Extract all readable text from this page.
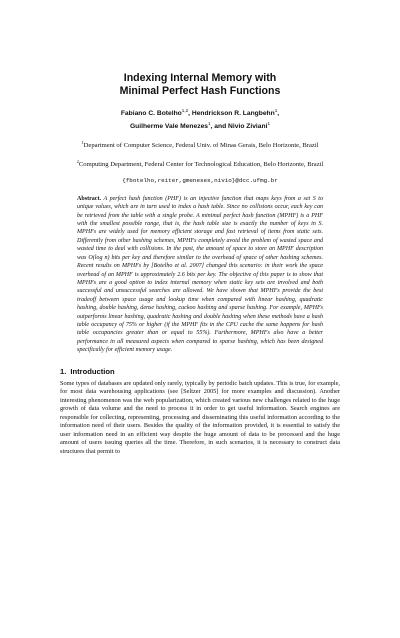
Indexing Internal Memory with
Minimal Perfect Hash Functions
Fabiano C. Botelho$^{1,2}$, Hendrickson R. Langbehn$^1$,
Guilherme Vale Menezes$^1$, and Nivio Ziviani$^1$
$^1$Department of Computer Science, Federal Univ. of Minas Gerais, Belo Horizonte, Brazil
$^2$Computing Department, Federal Center for Technological Education, Belo Horizonte, Brazil
{fbotelho,reiter,gmeneses,nivio}@dcc.ufmg.br
Abstract. A perfect hash function (PHF) is an injective function that maps keys from a set S to unique values, which are in turn used to index a hash table. Since no collisions occur, each key can be retrieved from the table with a single probe. A minimal perfect hash function (MPHF) is a PHF with the smallest possible range, that is, the hash table size is exactly the number of keys in S. MPHFs are widely used for memory efficient storage and fast retrieval of items from static sets. Differently from other hashing schemes, MPHFs completely avoid the problem of wasted space and wasted time to deal with collisions. In the past, the amount of space to store an MPHF description was O(log n) bits per key and therefore similar to the overhead of space of other hashing schemes. Recent results on MPHFs by [Botelho et al. 2007] changed this scenario: in their work the space overhead of an MPHF is approximately 2.6 bits per key. The objective of this paper is to show that MPHFs are a good option to index internal memory when static key sets are involved and both successful and unsuccessful searches are allowed. We have shown that MPHFs provide the best tradeoff between space usage and lookup time when compared with linear hashing, quadratic hashing, double hashing, dense hashing, cuckoo hashing and sparse hashing. For example, MPHFs outperforms linear hashing, quadratic hashing and double hashing when these methods have a hash table occupancy of 75% or higher (if the MPHF fits in the CPU cache the same happens for hash table occupancies greater than or equal to 55%). Furthermore, MPHFs also have a better performance in all measured aspects when compared to sparse hashing, which has been designed specifically for efficient memory usage.
1. Introduction
Some types of databases are updated only rarely, typically by periodic batch updates. This is true, for example, for most data warehousing applications (see [Seltzer 2005] for more examples and discussion). Another interesting phenomenon was the web popularization, which created various new challenges related to the huge growth of data volume and the need to process it in order to get useful information. Search engines are responsible for collecting, representing, processing and disseminating this useful information according to the information need of their users. Besides the quality of the information provided, it is essential to satisfy the user information need in an efficient way despite the huge amount of data to be processed and the huge amount of users issuing queries all the time. Therefore, in such scenarios, it is necessary to construct data structures that permit to
